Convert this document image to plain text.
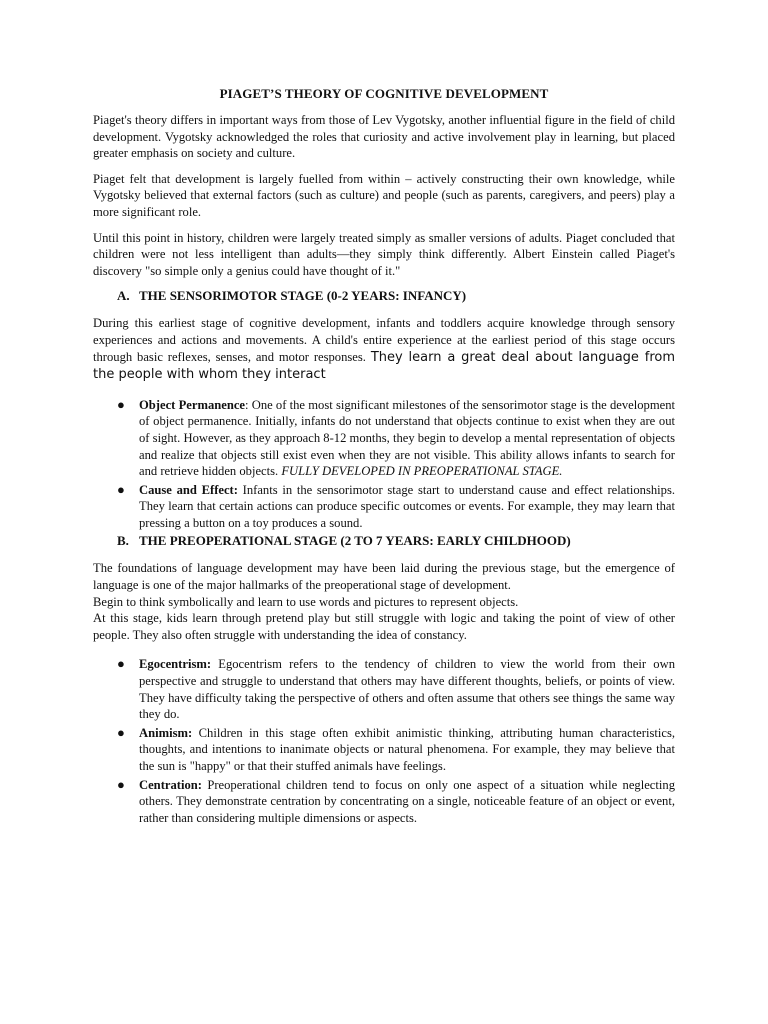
PIAGET’S THEORY OF COGNITIVE DEVELOPMENT

Piaget's theory differs in important ways from those of Lev Vygotsky, another influential figure in the field of child development. Vygotsky acknowledged the roles that curiosity and active involvement play in learning, but placed greater emphasis on society and culture.

Piaget felt that development is largely fuelled from within – actively constructing their own knowledge, while Vygotsky believed that external factors (such as culture) and people (such as parents, caregivers, and peers) play a more significant role.

Until this point in history, children were largely treated simply as smaller versions of adults. Piaget concluded that children were not less intelligent than adults—they simply think differently. Albert Einstein called Piaget's discovery "so simple only a genius could have thought of it."

A. THE SENSORIMOTOR STAGE (0-2 YEARS: INFANCY)

During this earliest stage of cognitive development, infants and toddlers acquire knowledge through sensory experiences and actions and movements. A child's entire experience at the earliest period of this stage occurs through basic reflexes, senses, and motor responses. They learn a great deal about language from the people with whom they interact

● Object Permanence: One of the most significant milestones of the sensorimotor stage is the development of object permanence. Initially, infants do not understand that objects continue to exist when they are out of sight. However, as they approach 8-12 months, they begin to develop a mental representation of objects and realize that objects still exist even when they are not visible. This ability allows infants to search for and retrieve hidden objects. FULLY DEVELOPED IN PREOPERATIONAL STAGE.
● Cause and Effect: Infants in the sensorimotor stage start to understand cause and effect relationships. They learn that certain actions can produce specific outcomes or events. For example, they may learn that pressing a button on a toy produces a sound.
B. THE PREOPERATIONAL STAGE (2 TO 7 YEARS: EARLY CHILDHOOD)

The foundations of language development may have been laid during the previous stage, but the emergence of language is one of the major hallmarks of the preoperational stage of development.

Begin to think symbolically and learn to use words and pictures to represent objects.

At this stage, kids learn through pretend play but still struggle with logic and taking the point of view of other people. They also often struggle with understanding the idea of constancy.

● Egocentrism: Egocentrism refers to the tendency of children to view the world from their own perspective and struggle to understand that others may have different thoughts, beliefs, or points of view. They have difficulty taking the perspective of others and often assume that others see things the same way they do.
● Animism: Children in this stage often exhibit animistic thinking, attributing human characteristics, thoughts, and intentions to inanimate objects or natural phenomena. For example, they may believe that the sun is "happy" or that their stuffed animals have feelings.
● Centration: Preoperational children tend to focus on only one aspect of a situation while neglecting others. They demonstrate centration by concentrating on a single, noticeable feature of an object or event, rather than considering multiple dimensions or aspects.
